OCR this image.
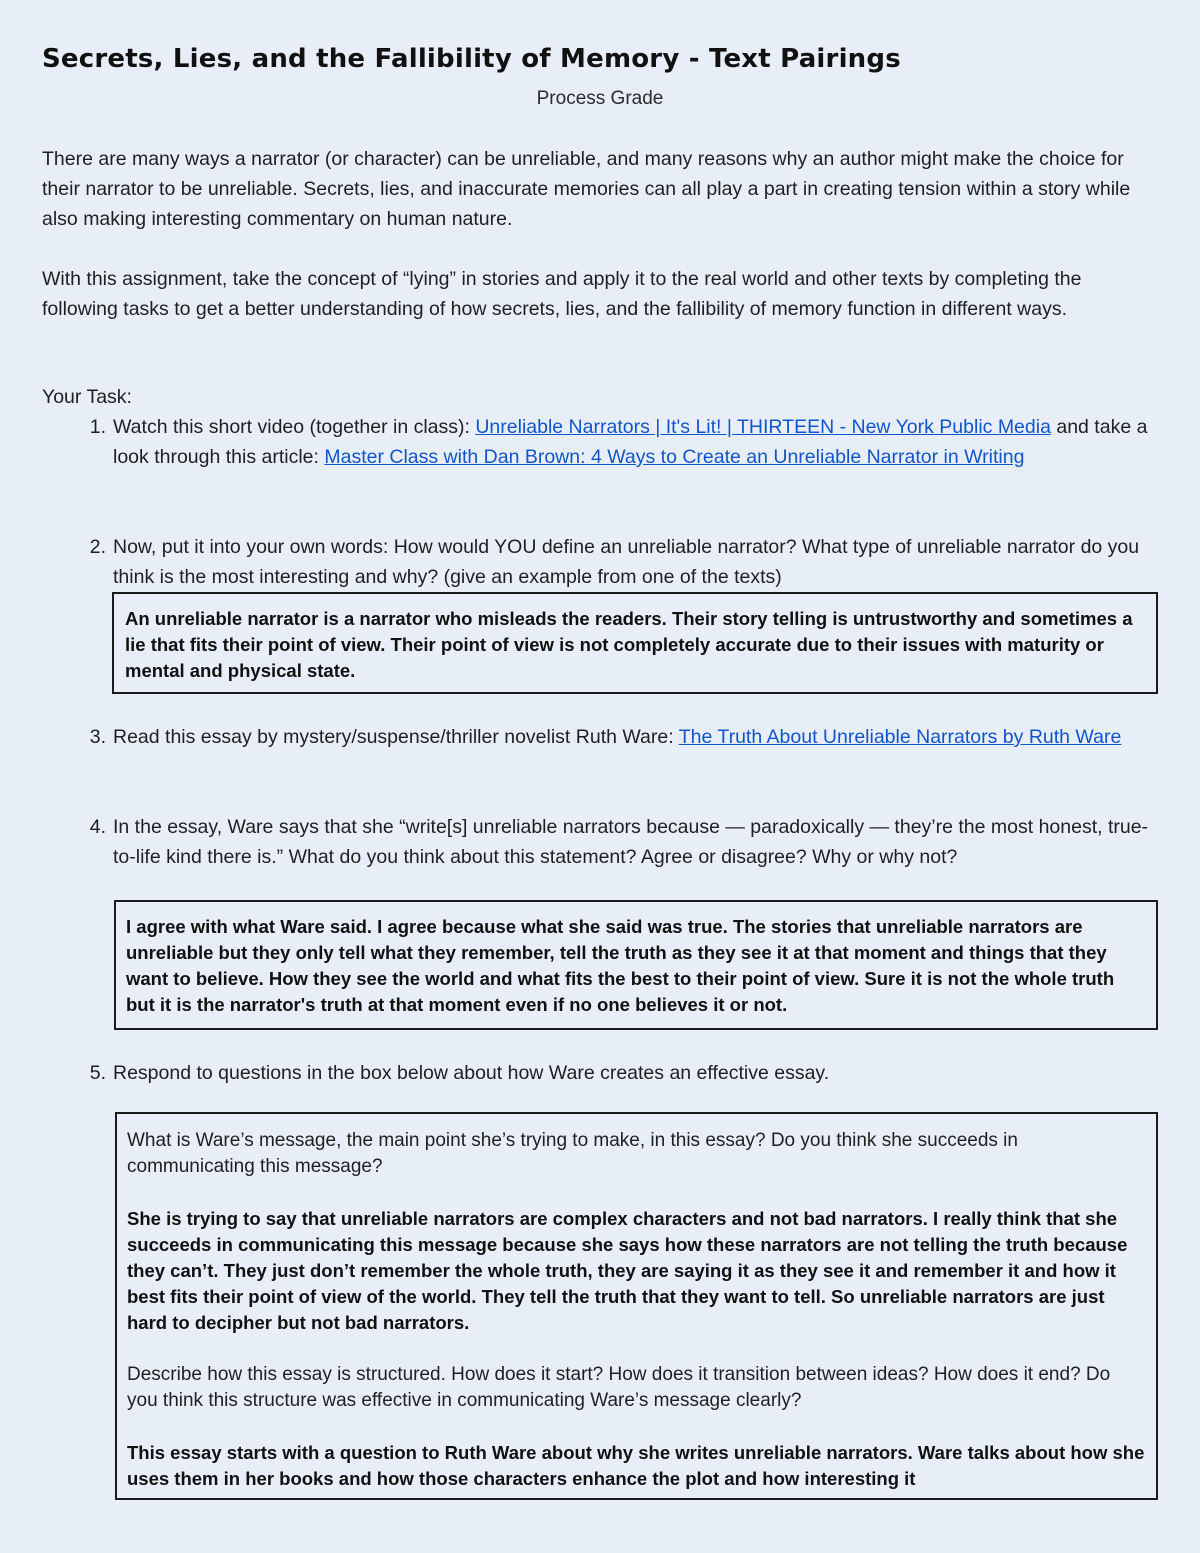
Secrets, Lies, and the Fallibility of Memory - Text Pairings
Process Grade
There are many ways a narrator (or character) can be unreliable, and many reasons why an author might make the choice for their narrator to be unreliable. Secrets, lies, and inaccurate memories can all play a part in creating tension within a story while also making interesting commentary on human nature.
With this assignment, take the concept of “lying” in stories and apply it to the real world and other texts by completing the following tasks to get a better understanding of how secrets, lies, and the fallibility of memory function in different ways.
Your Task:
1. Watch this short video (together in class): Unreliable Narrators | It's Lit! | THIRTEEN - New York Public Media and take a look through this article: Master Class with Dan Brown: 4 Ways to Create an Unreliable Narrator in Writing
2. Now, put it into your own words: How would YOU define an unreliable narrator? What type of unreliable narrator do you think is the most interesting and why? (give an example from one of the texts)
An unreliable narrator is a narrator who misleads the readers. Their story telling is untrustworthy and sometimes a lie that fits their point of view. Their point of view is not completely accurate due to their issues with maturity or mental and physical state.
3. Read this essay by mystery/suspense/thriller novelist Ruth Ware: The Truth About Unreliable Narrators by Ruth Ware
4. In the essay, Ware says that she “write[s] unreliable narrators because — paradoxically — they’re the most honest, true-to-life kind there is.” What do you think about this statement? Agree or disagree? Why or why not?
I agree with what Ware said. I agree because what she said was true. The stories that unreliable narrators are unreliable but they only tell what they remember, tell the truth as they see it at that moment and things that they want to believe. How they see the world and what fits the best to their point of view. Sure it is not the whole truth but it is the narrator's truth at that moment even if no one believes it or not.
5. Respond to questions in the box below about how Ware creates an effective essay.
What is Ware’s message, the main point she’s trying to make, in this essay? Do you think she succeeds in communicating this message?
She is trying to say that unreliable narrators are complex characters and not bad narrators. I really think that she succeeds in communicating this message because she says how these narrators are not telling the truth because they can’t. They just don’t remember the whole truth, they are saying it as they see it and remember it and how it best fits their point of view of the world. They tell the truth that they want to tell. So unreliable narrators are just hard to decipher but not bad narrators.
Describe how this essay is structured. How does it start? How does it transition between ideas? How does it end? Do you think this structure was effective in communicating Ware’s message clearly?
This essay starts with a question to Ruth Ware about why she writes unreliable narrators. Ware talks about how she uses them in her books and how those characters enhance the plot and how interesting it
